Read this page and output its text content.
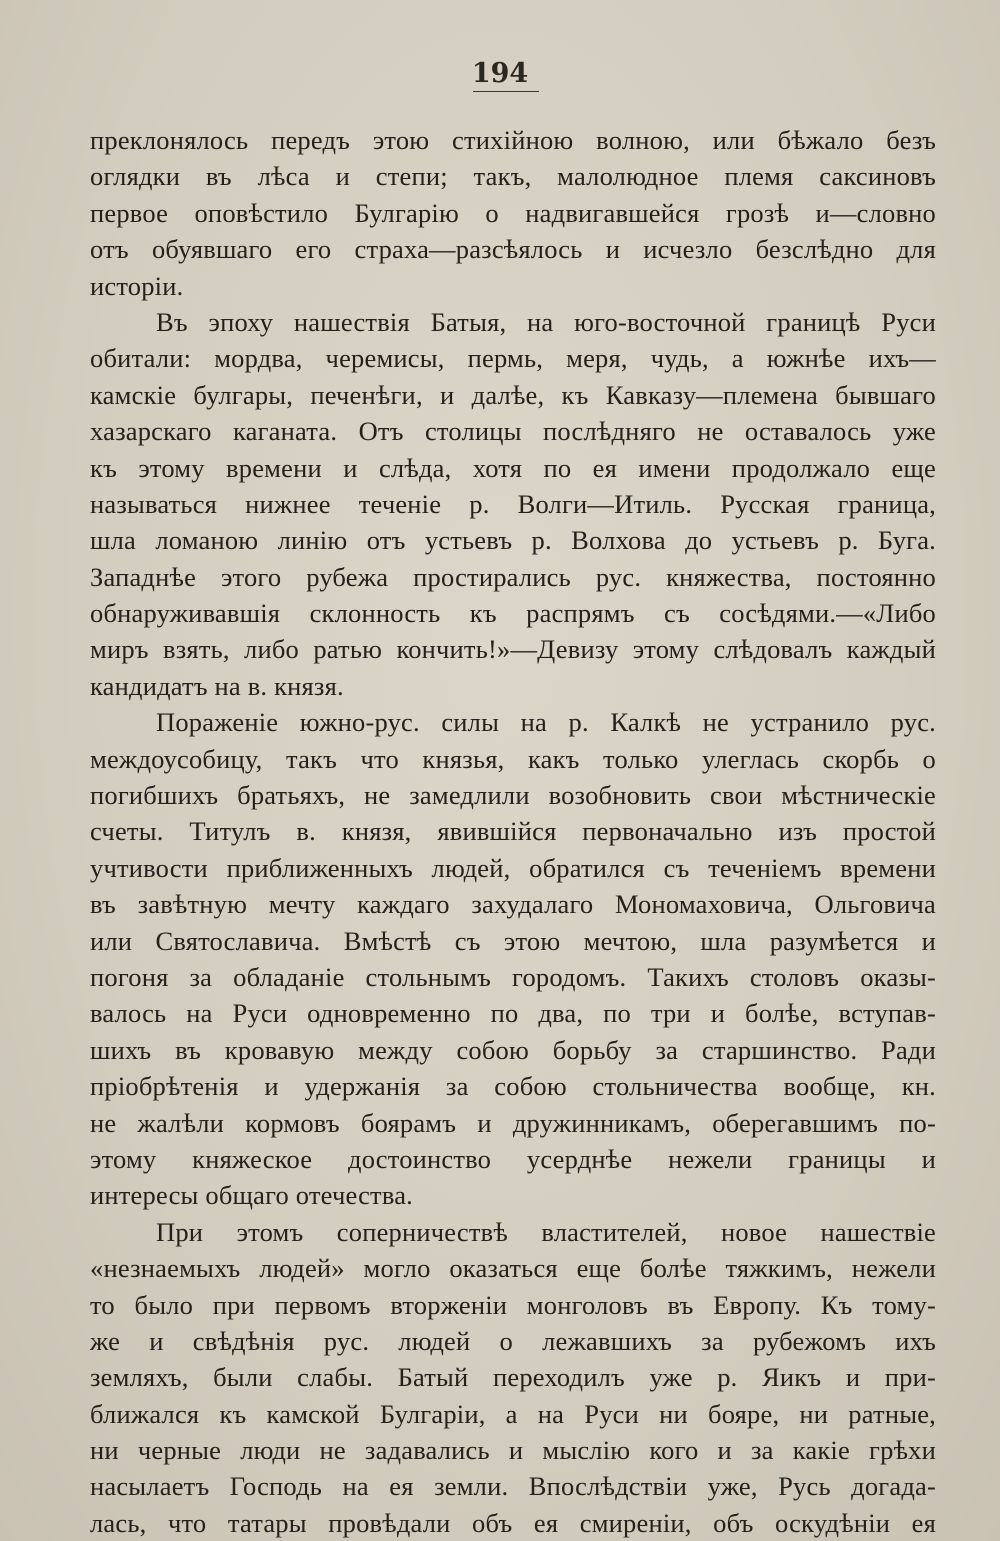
194
преклонялось передъ этою стихiйною волною, или бѣжало безъ
оглядки въ лѣса и степи; такъ, малолюдное племя саксиновъ
первое оповѣстило Булгарiю о надвигавшейся грозѣ и—словно
отъ обуявшаго его страха—разсѣялось и исчезло безслѣдно для
исторiи.
Въ эпоху нашествiя Батыя, на юго-восточной границѣ Руси
обитали: мордва, черемисы, пермь, меря, чудь, а южнѣе ихъ—
камскiе булгары, печенѣги, и далѣе, къ Кавказу—племена бывшаго
хазарскаго каганата. Отъ столицы послѣдняго не оставалось уже
къ этому времени и слѣда, хотя по ея имени продолжало еще
называться нижнее теченiе р. Волги—Итиль. Русская граница,
шла ломаною линiю отъ устьевъ р. Волхова до устьевъ р. Буга.
Западнѣе этого рубежа простирались рус. княжества, постоянно
обнаруживавшiя склонность къ распрямъ съ сосѣдями.—«Либо
миръ взять, либо ратью кончить!»—Девизу этому слѣдовалъ каждый
кандидатъ на в. князя.
Пораженiе южно-рус. силы на р. Калкѣ не устранило рус.
междоусобицу, такъ что князья, какъ только улеглась скорбь о
погибшихъ братьяхъ, не замедлили возобновить свои мѣстническiе
счеты. Титулъ в. князя, явившiйся первоначально изъ простой
учтивости приближенныхъ людей, обратился съ теченiемъ времени
въ завѣтную мечту каждаго захудалаго Мономаховича, Ольговича
или Святославича. Вмѣстѣ съ этою мечтою, шла разумѣется и
погоня за обладанiе стольнымъ городомъ. Такихъ столовъ оказы-
валось на Руси одновременно по два, по три и болѣе, вступав-
шихъ въ кровавую между собою борьбу за старшинство. Ради
прiобрѣтенiя и удержанiя за собою стольничества вообще, кн.
не жалѣли кормовъ боярамъ и дружинникамъ, оберегавшимъ по-
этому княжеское достоинство усерднѣе нежели границы и
интересы общаго отечества.
При этомъ соперничествѣ властителей, новое нашествiе
«незнаемыхъ людей» могло оказаться еще болѣе тяжкимъ, нежели
то было при первомъ вторженiи монголовъ въ Европу. Къ тому-
же и свѣдѣнiя рус. людей о лежавшихъ за рубежомъ ихъ
земляхъ, были слабы. Батый переходилъ уже р. Яикъ и при-
ближался къ камской Булгарiи, а на Руси ни бояре, ни ратные,
ни черные люди не задавались и мыслiю кого и за какiе грѣхи
насылаетъ Господь на ея земли. Впослѣдствiи уже, Русь догада-
лась, что татары провѣдали объ ея смиренiи, объ оскудѣнiи ея
